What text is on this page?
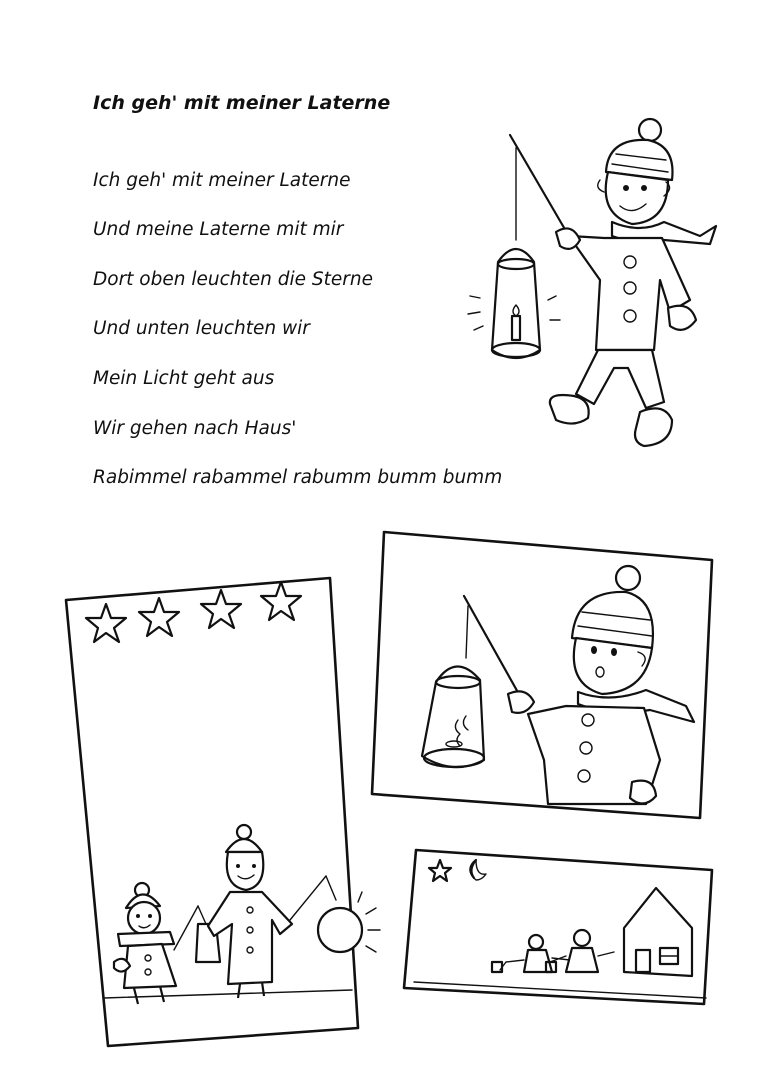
Ich geh' mit meiner Laterne
Ich geh' mit meiner Laterne
Und meine Laterne mit mir
Dort oben leuchten die Sterne
Und unten leuchten wir
Mein Licht geht aus
Wir gehen nach Haus'
Rabimmel rabammel rabumm bumm bumm
